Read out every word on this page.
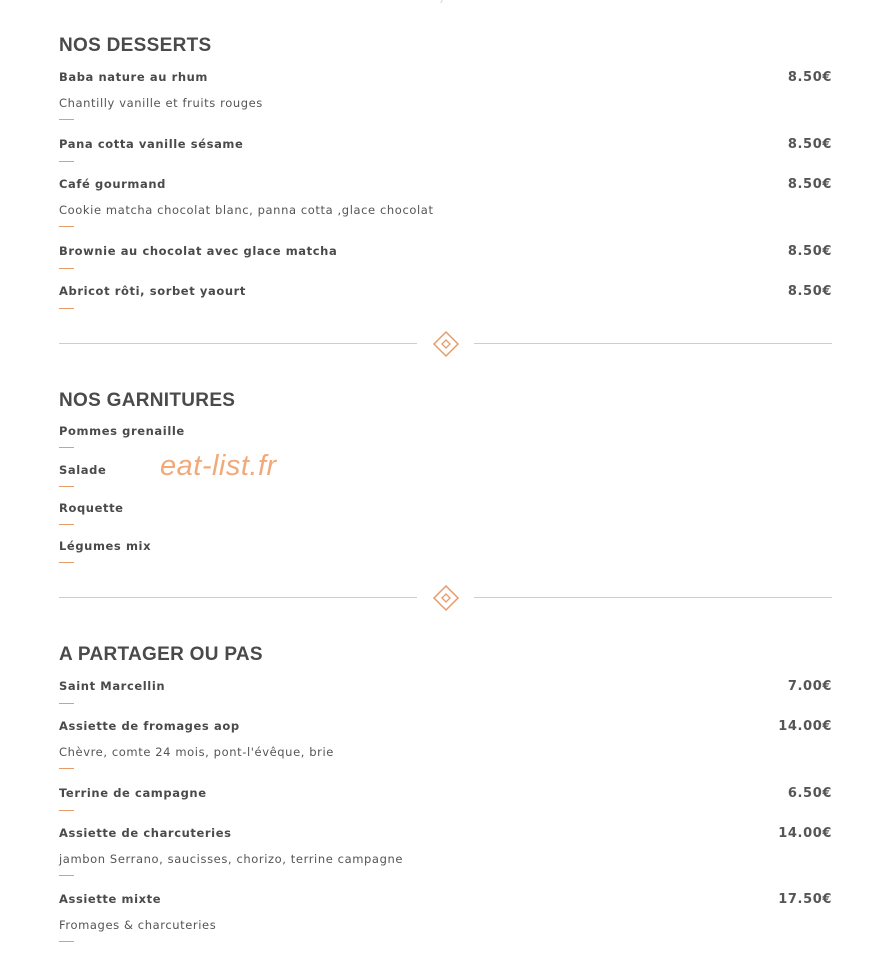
NOS DESSERTS
Baba nature au rhum	8.50€
Chantilly vanille et fruits rouges
Pana cotta vanille sésame	8.50€
Café gourmand	8.50€
Cookie matcha chocolat blanc, panna cotta ,glace chocolat
Brownie au chocolat avec glace matcha	8.50€
Abricot rôti, sorbet yaourt	8.50€
NOS GARNITURES
Pommes grenaille
Salade
Roquette
Légumes mix
eat-list.fr
A PARTAGER OU PAS
Saint Marcellin	7.00€
Assiette de fromages aop	14.00€
Chèvre, comte 24 mois, pont-l'évêque, brie
Terrine de campagne	6.50€
Assiette de charcuteries	14.00€
jambon Serrano, saucisses, chorizo, terrine campagne
Assiette mixte	17.50€
Fromages & charcuteries
